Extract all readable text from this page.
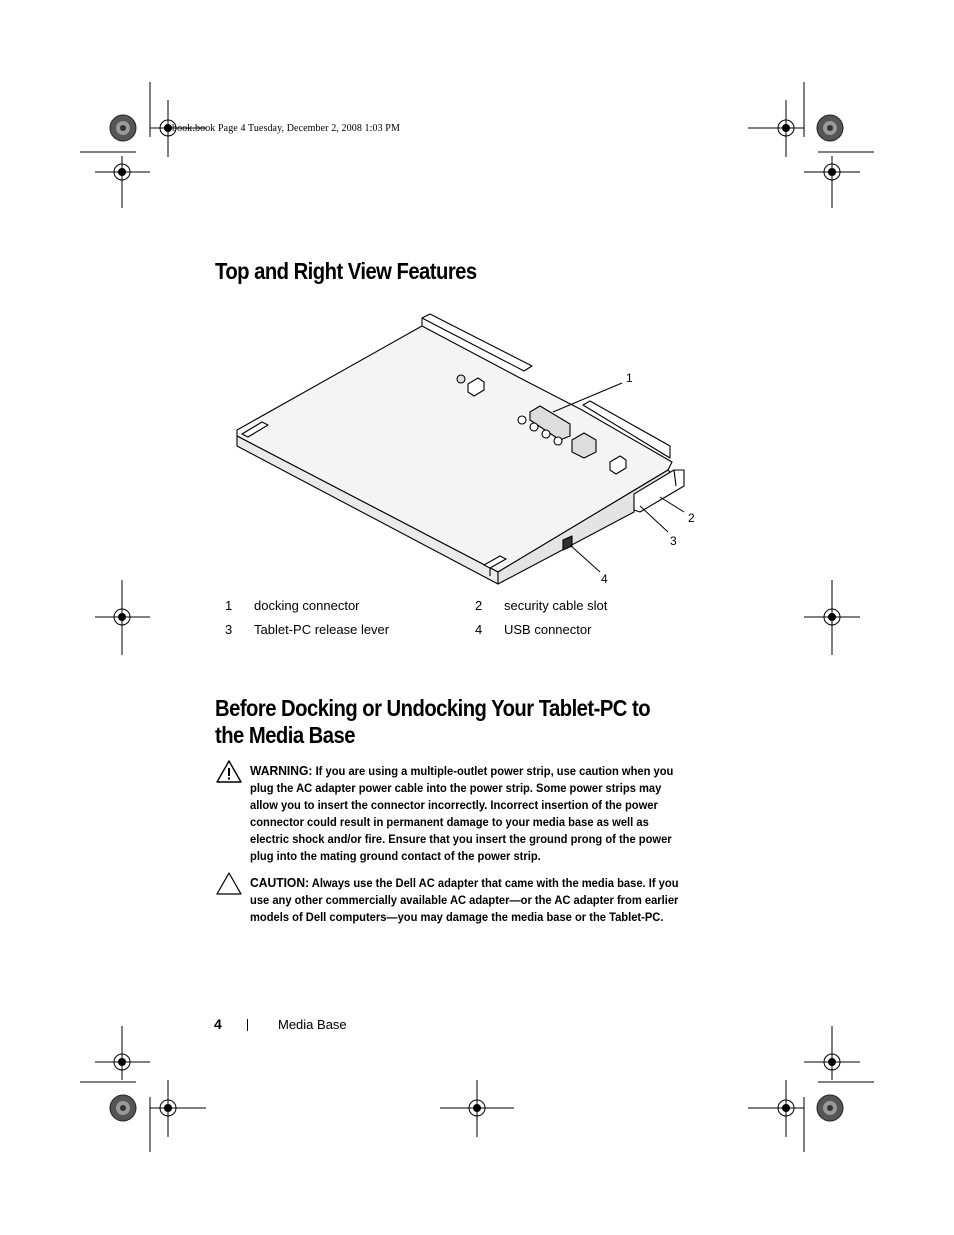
book.book Page 4 Tuesday, December 2, 2008 1:03 PM
Top and Right View Features
1
2
3
4
1 docking connector	2 security cable slot
3 Tablet-PC release lever	4 USB connector
Before Docking or Undocking Your Tablet-PC to
the Media Base
WARNING: If you are using a multiple-outlet power strip, use caution when you
plug the AC adapter power cable into the power strip. Some power strips may
allow you to insert the connector incorrectly. Incorrect insertion of the power
connector could result in permanent damage to your media base as well as
electric shock and/or fire. Ensure that you insert the ground prong of the power
plug into the mating ground contact of the power strip.
CAUTION: Always use the Dell AC adapter that came with the media base. If you
use any other commercially available AC adapter—or the AC adapter from earlier
models of Dell computers—you may damage the media base or the Tablet-PC.
4	Media Base
